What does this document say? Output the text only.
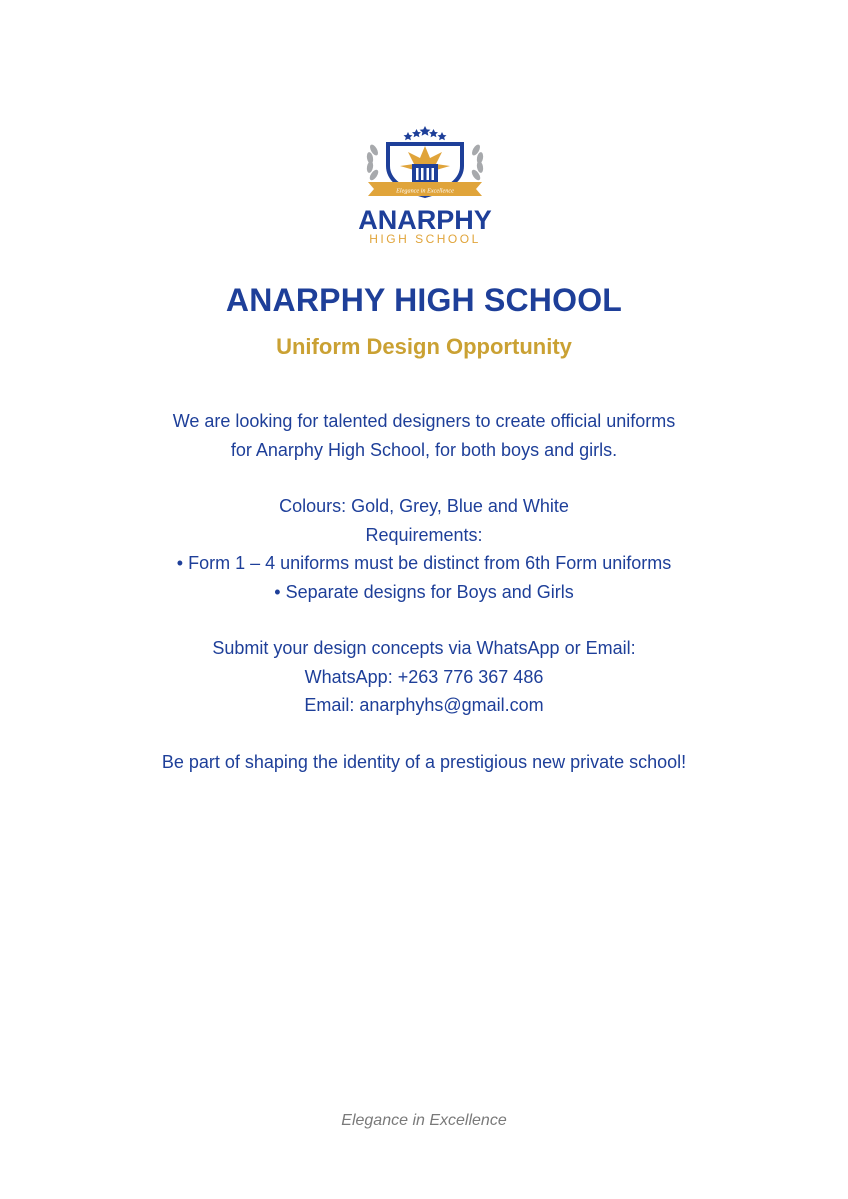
Elegance in Excellence
ANARPHY
HIGH SCHOOL
ANARPHY HIGH SCHOOL
Uniform Design Opportunity
We are looking for talented designers to create official uniforms
for Anarphy High School, for both boys and girls.
Colours: Gold, Grey, Blue and White
Requirements:
• Form 1 – 4 uniforms must be distinct from 6th Form uniforms
• Separate designs for Boys and Girls
Submit your design concepts via WhatsApp or Email:
WhatsApp: +263 776 367 486
Email: anarphyhs@gmail.com
Be part of shaping the identity of a prestigious new private school!
Elegance in Excellence
